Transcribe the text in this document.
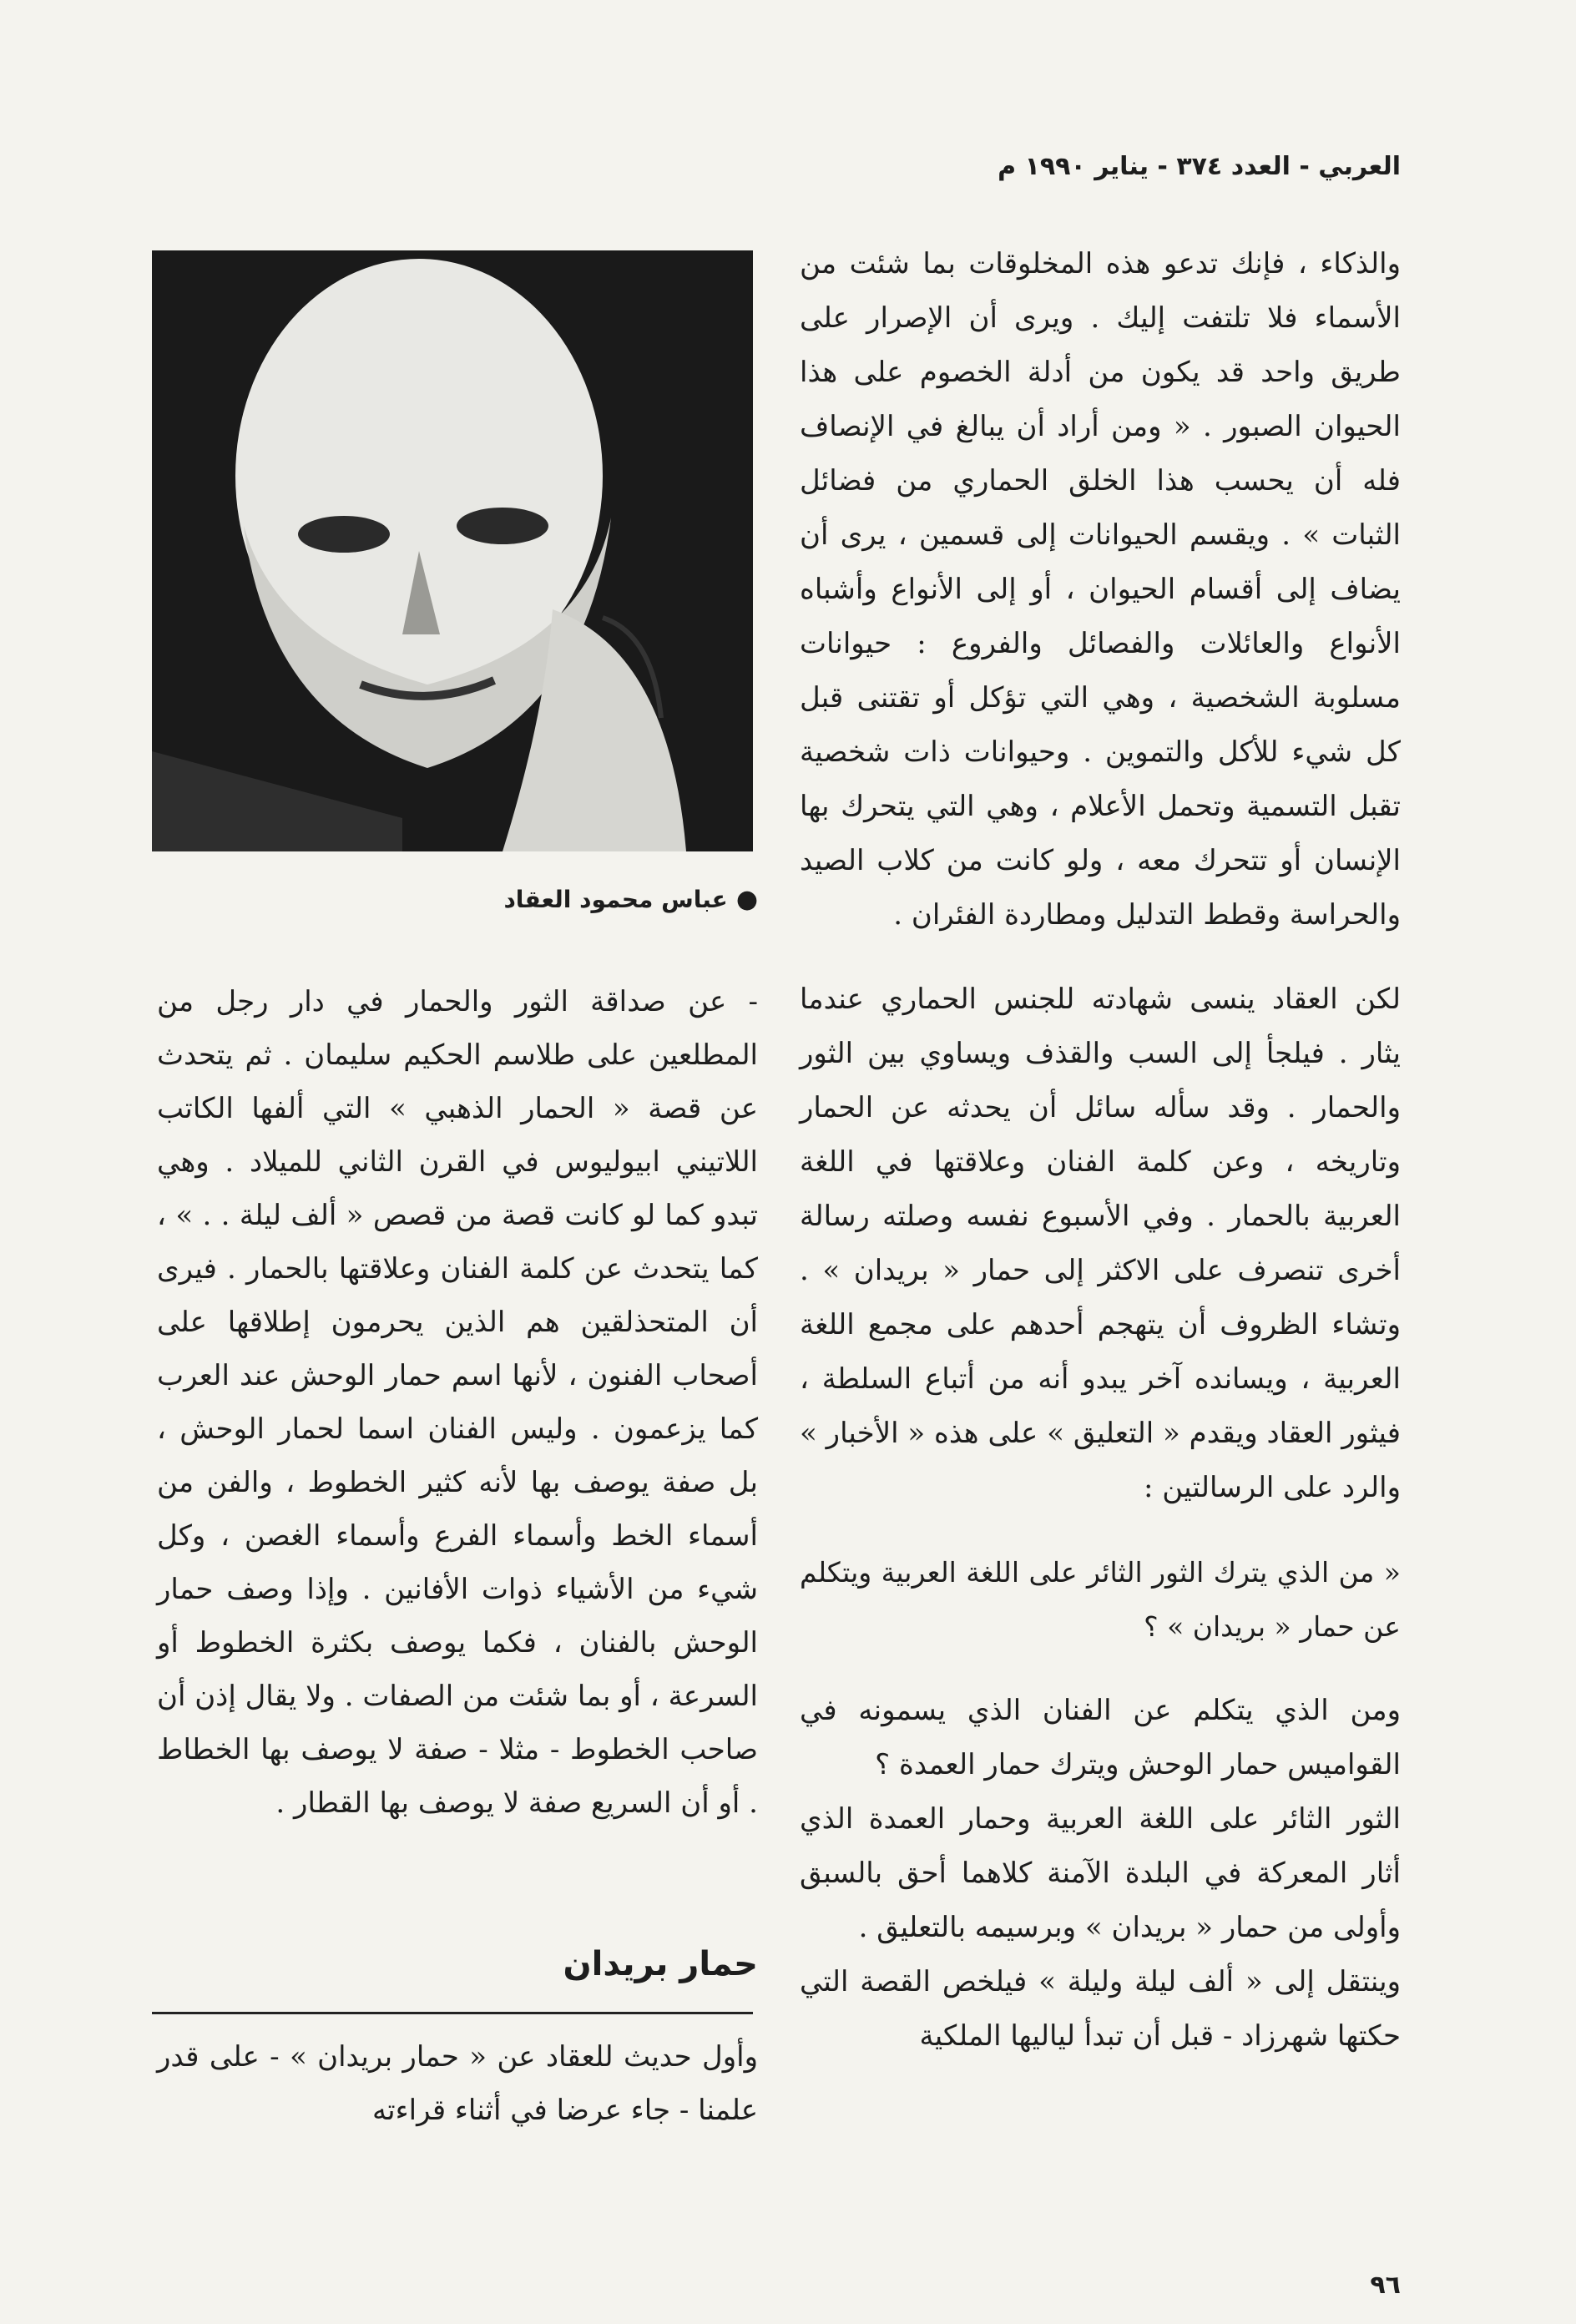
العربي - العدد ٣٧٤ - يناير ١٩٩٠ م

والذكاء ، فإنك تدعو هذه المخلوقات بما شئت من الأسماء فلا تلتفت إليك . ويرى أن الإصرار على طريق واحد قد يكون من أدلة الخصوم على هذا الحيوان الصبور . « ومن أراد أن يبالغ في الإنصاف فله أن يحسب هذا الخلق الحماري من فضائل الثبات » . ويقسم الحيوانات إلى قسمين ، يرى أن يضاف إلى أقسام الحيوان ، أو إلى الأنواع وأشباه الأنواع والعائلات والفصائل والفروع : حيوانات مسلوبة الشخصية ، وهي التي تؤكل أو تقتنى قبل كل شيء للأكل والتموين . وحيوانات ذات شخصية تقبل التسمية وتحمل الأعلام ، وهي التي يتحرك بها الإنسان أو تتحرك معه ، ولو كانت من كلاب الصيد والحراسة وقطط التدليل ومطاردة الفئران .

لكن العقاد ينسى شهادته للجنس الحماري عندما يثار . فيلجأ إلى السب والقذف ويساوي بين الثور والحمار . وقد سأله سائل أن يحدثه عن الحمار وتاريخه ، وعن كلمة الفنان وعلاقتها في اللغة العربية بالحمار . وفي الأسبوع نفسه وصلته رسالة أخرى تنصرف على الاكثر إلى حمار « بريدان » . وتشاء الظروف أن يتهجم أحدهم على مجمع اللغة العربية ، ويسانده آخر يبدو أنه من أتباع السلطة ، فيثور العقاد ويقدم « التعليق » على هذه « الأخبار » والرد على الرسالتين :

« من الذي يترك الثور الثائر على اللغة العربية ويتكلم عن حمار « بريدان » ؟

ومن الذي يتكلم عن الفنان الذي يسمونه في القواميس حمار الوحش ويترك حمار العمدة ؟

الثور الثائر على اللغة العربية وحمار العمدة الذي أثار المعركة في البلدة الآمنة كلاهما أحق بالسبق وأولى من حمار « بريدان » وبرسيمه بالتعليق .

وينتقل إلى « ألف ليلة وليلة » فيلخص القصة التي حكتها شهرزاد - قبل أن تبدأ لياليها الملكية

●عباس محمود العقاد

- عن صداقة الثور والحمار في دار رجل من المطلعين على طلاسم الحكيم سليمان . ثم يتحدث عن قصة « الحمار الذهبي » التي ألفها الكاتب اللاتيني ابيوليوس في القرن الثاني للميلاد . وهي تبدو كما لو كانت قصة من قصص « ألف ليلة . . » ، كما يتحدث عن كلمة الفنان وعلاقتها بالحمار . فيرى أن المتحذلقين هم الذين يحرمون إطلاقها على أصحاب الفنون ، لأنها اسم حمار الوحش عند العرب كما يزعمون . وليس الفنان اسما لحمار الوحش ، بل صفة يوصف بها لأنه كثير الخطوط ، والفن من أسماء الخط وأسماء الفرع وأسماء الغصن ، وكل شيء من الأشياء ذوات الأفانين . وإذا وصف حمار الوحش بالفنان ، فكما يوصف بكثرة الخطوط أو السرعة ، أو بما شئت من الصفات . ولا يقال إذن أن صاحب الخطوط - مثلا - صفة لا يوصف بها الخطاط . أو أن السريع صفة لا يوصف بها القطار .

حمار بريدان

وأول حديث للعقاد عن « حمار بريدان » - على قدر علمنا - جاء عرضا في أثناء قراءته

٩٦
